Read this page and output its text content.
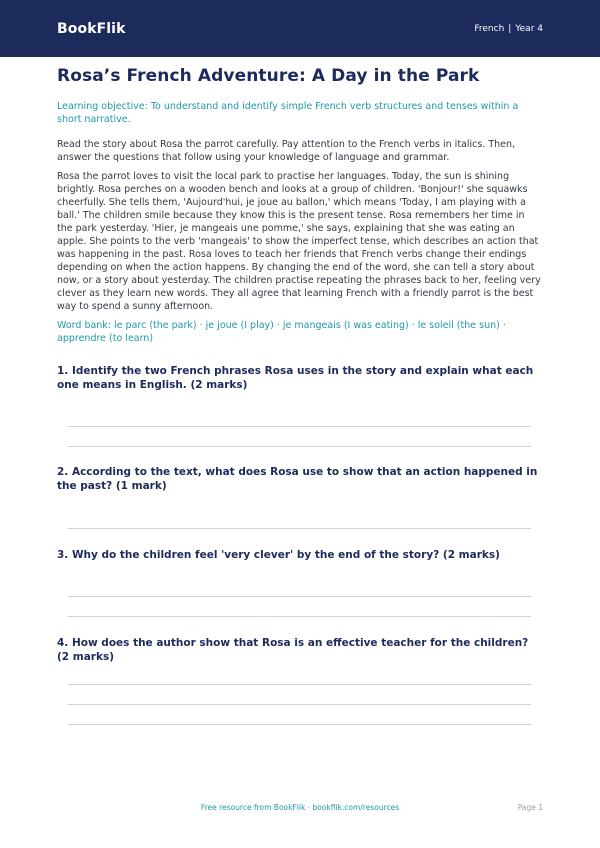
BookFlik	French | Year 4
Rosa’s French Adventure: A Day in the Park

Learning objective: To understand and identify simple French verb structures and tenses within a short narrative.

Read the story about Rosa the parrot carefully. Pay attention to the French verbs in italics. Then, answer the questions that follow using your knowledge of language and grammar.

Rosa the parrot loves to visit the local park to practise her languages. Today, the sun is shining brightly. Rosa perches on a wooden bench and looks at a group of children. 'Bonjour!' she squawks cheerfully. She tells them, 'Aujourd'hui, je joue au ballon,' which means 'Today, I am playing with a ball.' The children smile because they know this is the present tense. Rosa remembers her time in the park yesterday. 'Hier, je mangeais une pomme,' she says, explaining that she was eating an apple. She points to the verb 'mangeais' to show the imperfect tense, which describes an action that was happening in the past. Rosa loves to teach her friends that French verbs change their endings depending on when the action happens. By changing the end of the word, she can tell a story about now, or a story about yesterday. The children practise repeating the phrases back to her, feeling very clever as they learn new words. They all agree that learning French with a friendly parrot is the best way to spend a sunny afternoon.

Word bank: le parc (the park) · je joue (I play) · je mangeais (I was eating) · le soleil (the sun) · apprendre (to learn)

1. Identify the two French phrases Rosa uses in the story and explain what each one means in English. (2 marks)
2. According to the text, what does Rosa use to show that an action happened in the past? (1 mark)
3. Why do the children feel 'very clever' by the end of the story? (2 marks)
4. How does the author show that Rosa is an effective teacher for the children? (2 marks)
Free resource from BookFlik · bookflik.com/resources	Page 1
